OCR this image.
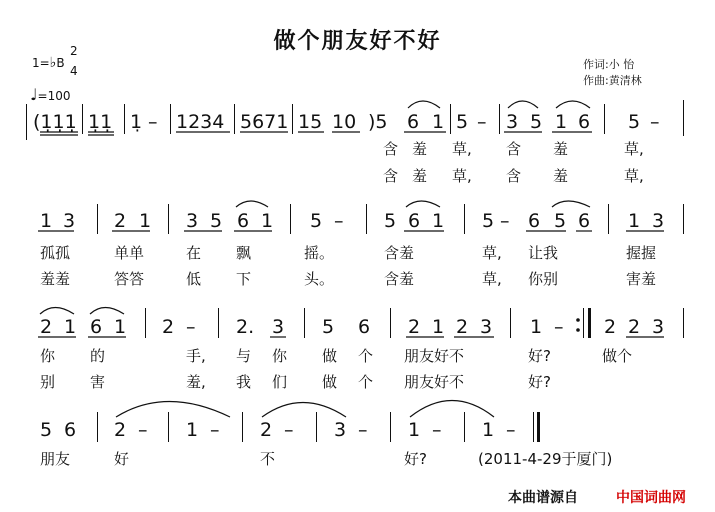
做个朋友好不好
作词:小 怡
作曲:黄清林
1=♭B
2
4
♩=100
(1̣1̣1̣ 1̣1̣ 1̣ – 1234 5671 15 10 )5 6 1 5 – 3 5 1 6 5 –
含 羞 草, 含 羞	草,
含 羞 草, 含 羞	草,
1 3 2 1 3 5 6 1 5 – 5 6 1 5 – 6 5 6 1 3
孤孤	单单	在 飘	摇。	含羞	草, 让我	握握
羞羞	答答	低 下	头。	含羞	草, 你别	害羞
2 1 6 1 2 – 2. 3 5 6 2 1 2 3 1 – 2 2 3
你 的	手, 与 你 做 个 朋友好不	好?	做个
别 害	羞, 我 们 做 个 朋友好不	好?
5 6 2 – 1 – 2 – 3 – 1 – 1 –
朋友	好	不	好?	(2011-4-29于厦门)
本曲谱源自	中国词曲网
